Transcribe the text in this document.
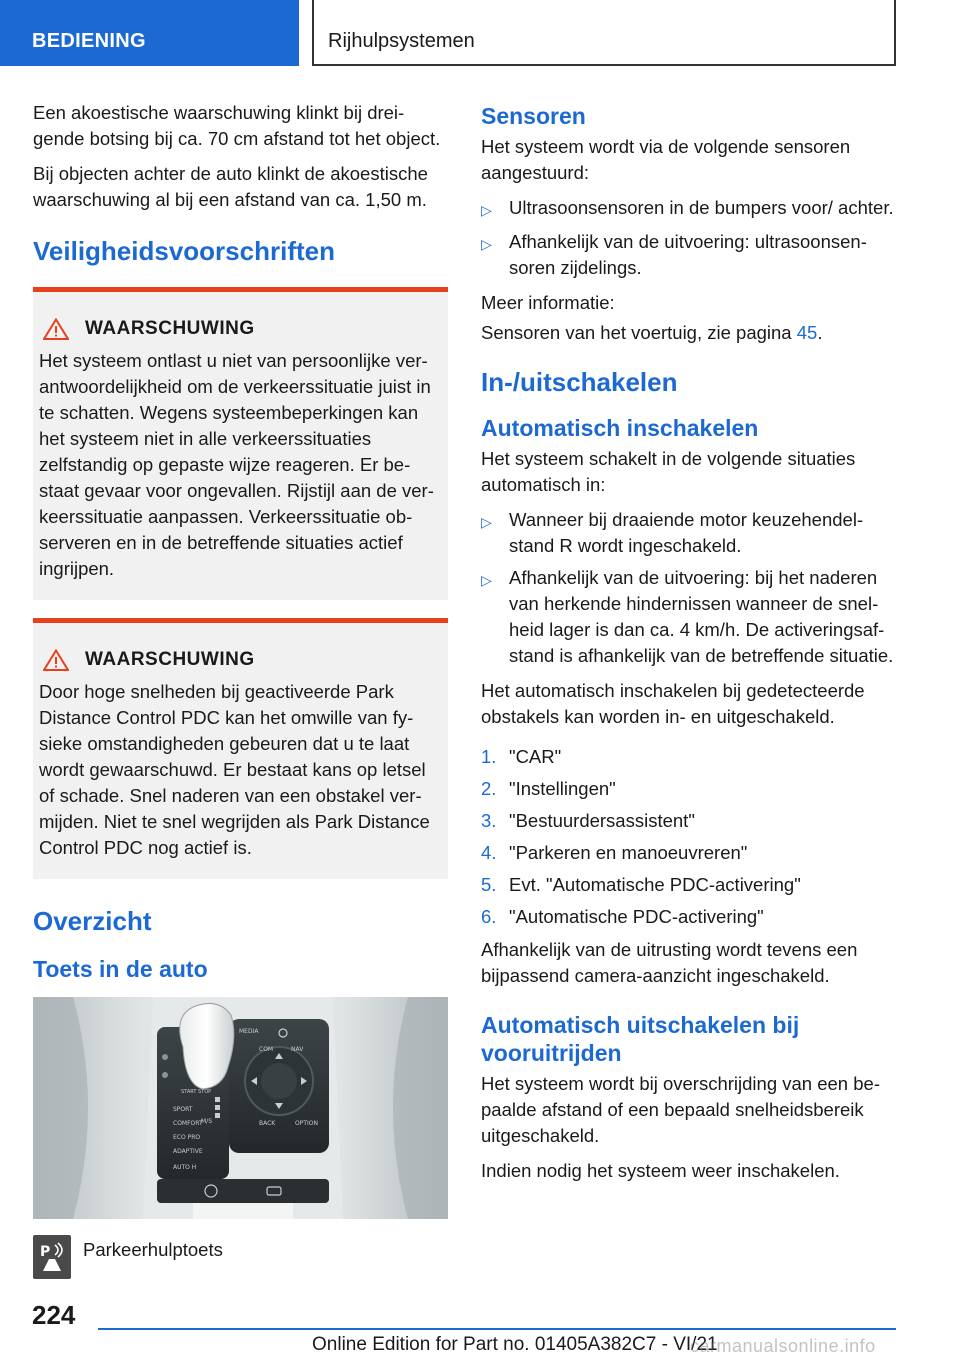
BEDIENING	Rijhulpsystemen

Een akoestische waarschuwing klinkt bij dreigende botsing bij ca. 70 cm afstand tot het object.

Bij objecten achter de auto klinkt de akoestische waarschuwing al bij een afstand van ca. 1,50 m.

Veiligheidsvoorschriften
WAARSCHUWING
Het systeem ontlast u niet van persoonlijke verantwoordelijkheid om de verkeerssituatie juist in te schatten. Wegens systeembeperkingen kan het systeem niet in alle verkeerssituaties zelfstandig op gepaste wijze reageren. Er bestaat gevaar voor ongevallen. Rijstijl aan de verkeerssituatie aanpassen. Verkeerssituatie observeren en in de betreffende situaties actief ingrijpen.
WAARSCHUWING
Door hoge snelheden bij geactiveerde Park Distance Control PDC kan het omwille van fysieke omstandigheden gebeuren dat u te laat wordt gewaarschuwd. Er bestaat kans op letsel of schade. Snel naderen van een obstakel vermijden. Niet te snel wegrijden als Park Distance Control PDC nog actief is.
Overzicht
Toets in de auto
MEDIA
COM	NAV
OPTION
BACK
SPORT
COMFORT
ECO PRO
ADAPTIVE
AUTO H
START STOP
M/S
P Parkeerhulptoets
Sensoren

Het systeem wordt via de volgende sensoren aangestuurd:

▷ Ultrasoonsensoren in de bumpers voor/ achter.
▷ Afhankelijk van de uitvoering: ultrasoonsensoren zijdelings.

Meer informatie:

Sensoren van het voertuig, zie pagina 45.

In-/uitschakelen
Automatisch inschakelen

Het systeem schakelt in de volgende situaties automatisch in:

▷ Wanneer bij draaiende motor keuzehendelstand R wordt ingeschakeld.
▷ Afhankelijk van de uitvoering: bij het naderen van herkende hindernissen wanneer de snelheid lager is dan ca. 4 km/h. De activeringsafstand is afhankelijk van de betreffende situatie.

Het automatisch inschakelen bij gedetecteerde obstakels kan worden in- en uitgeschakeld.

1. "CAR"
2. "Instellingen"
3. "Bestuurdersassistent"
4. "Parkeren en manoeuvreren"
5. Evt. "Automatische PDC-activering"
6. "Automatische PDC-activering"

Afhankelijk van de uitrusting wordt tevens een bijpassend camera-aanzicht ingeschakeld.

Automatisch uitschakelen bij vooruitrijden

Het systeem wordt bij overschrijding van een bepaalde afstand of een bepaald snelheidsbereik uitgeschakeld.

Indien nodig het systeem weer inschakelen.

224
Online Edition for Part no. 01405A382C7 - VI/21
carmanualsonline.info
